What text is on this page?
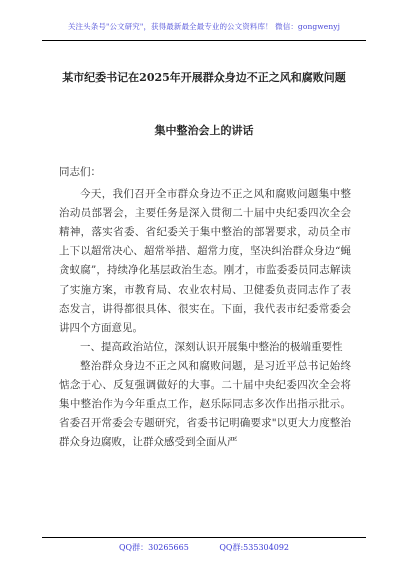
关注头条号"公文研究"，获得最新最全最专业的公文资料库！ 微信：gongwenyj
某市纪委书记在2025年开展群众身边不正之风和腐败问题
集中整治会上的讲话

同志们：

今天，我们召开全市群众身边不正之风和腐败问题集中整治动员部署会，主要任务是深入贯彻二十届中央纪委四次全会精神，落实省委、省纪委关于集中整治的部署要求，动员全市上下以超常决心、超常举措、超常力度，坚决纠治群众身边“蝇贪蚁腐”，持续净化基层政治生态。刚才，市监委委员同志解读了实施方案，市教育局、农业农村局、卫健委负责同志作了表态发言，讲得都很具体、很实在。下面，我代表市纪委常委会讲四个方面意见。

一、提高政治站位，深刻认识开展集中整治的极端重要性

整治群众身边不正之风和腐败问题，是习近平总书记始终惦念于心、反复强调做好的大事。二十届中央纪委四次全会将集中整治作为今年重点工作，赵乐际同志多次作出指示批示。省委召开常委会专题研究，省委书记明确要求"以更大力度整治群众身边腐败，让群众感受到全面从严

QQ群：30265665	QQ群:535304092
